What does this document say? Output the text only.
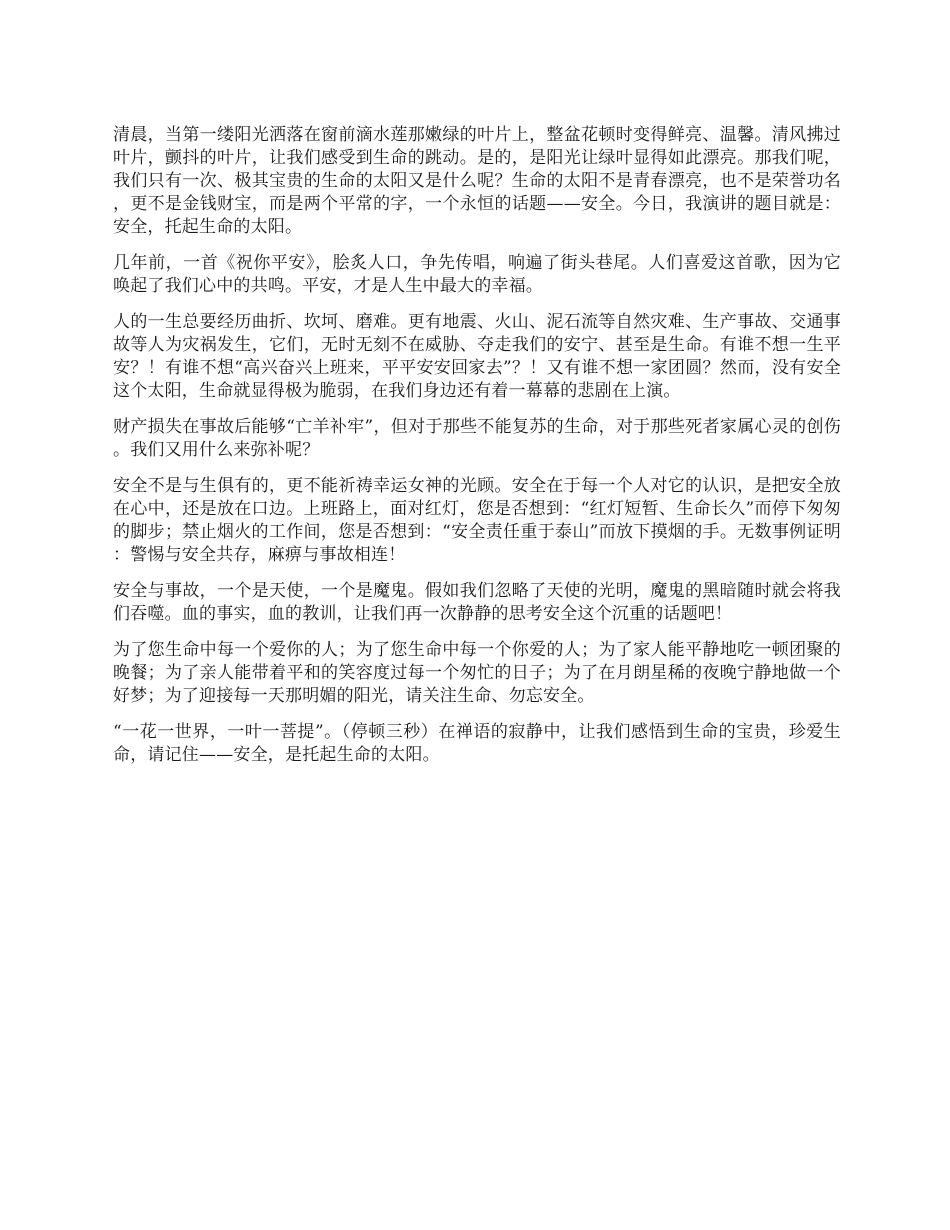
清晨，当第一缕阳光洒落在窗前滴水莲那嫩绿的叶片上，整盆花顿时变得鲜亮、温馨。清风拂过叶片，颤抖的叶片，让我们感受到生命的跳动。是的，是阳光让绿叶显得如此漂亮。那我们呢，我们只有一次、极其宝贵的生命的太阳又是什么呢？生命的太阳不是青春漂亮，也不是荣誉功名，更不是金钱财宝，而是两个平常的字，一个永恒的话题——安全。今日，我演讲的题目就是：安全，托起生命的太阳。

几年前，一首《祝你平安》，脍炙人口，争先传唱，响遍了街头巷尾。人们喜爱这首歌，因为它唤起了我们心中的共鸣。平安，才是人生中最大的幸福。

人的一生总要经历曲折、坎坷、磨难。更有地震、火山、泥石流等自然灾难、生产事故、交通事故等人为灾祸发生，它们，无时无刻不在威胁、夺走我们的安宁、甚至是生命。有谁不想一生平安？！有谁不想“高兴奋兴上班来，平平安安回家去”？！又有谁不想一家团圆？然而，没有安全这个太阳，生命就显得极为脆弱，在我们身边还有着一幕幕的悲剧在上演。

财产损失在事故后能够“亡羊补牢”，但对于那些不能复苏的生命，对于那些死者家属心灵的创伤。我们又用什么来弥补呢？

安全不是与生俱有的，更不能祈祷幸运女神的光顾。安全在于每一个人对它的认识，是把安全放在心中，还是放在口边。上班路上，面对红灯，您是否想到：“红灯短暂、生命长久”而停下匆匆的脚步；禁止烟火的工作间，您是否想到：“安全责任重于泰山”而放下摸烟的手。无数事例证明：警惕与安全共存，麻痹与事故相连！

安全与事故，一个是天使，一个是魔鬼。假如我们忽略了天使的光明，魔鬼的黑暗随时就会将我们吞噬。血的事实，血的教训，让我们再一次静静的思考安全这个沉重的话题吧！

为了您生命中每一个爱你的人；为了您生命中每一个你爱的人；为了家人能平静地吃一顿团聚的晚餐；为了亲人能带着平和的笑容度过每一个匆忙的日子；为了在月朗星稀的夜晚宁静地做一个好梦；为了迎接每一天那明媚的阳光，请关注生命、勿忘安全。

“一花一世界，一叶一菩提”。（停顿三秒）在禅语的寂静中，让我们感悟到生命的宝贵，珍爱生命，请记住——安全，是托起生命的太阳。
